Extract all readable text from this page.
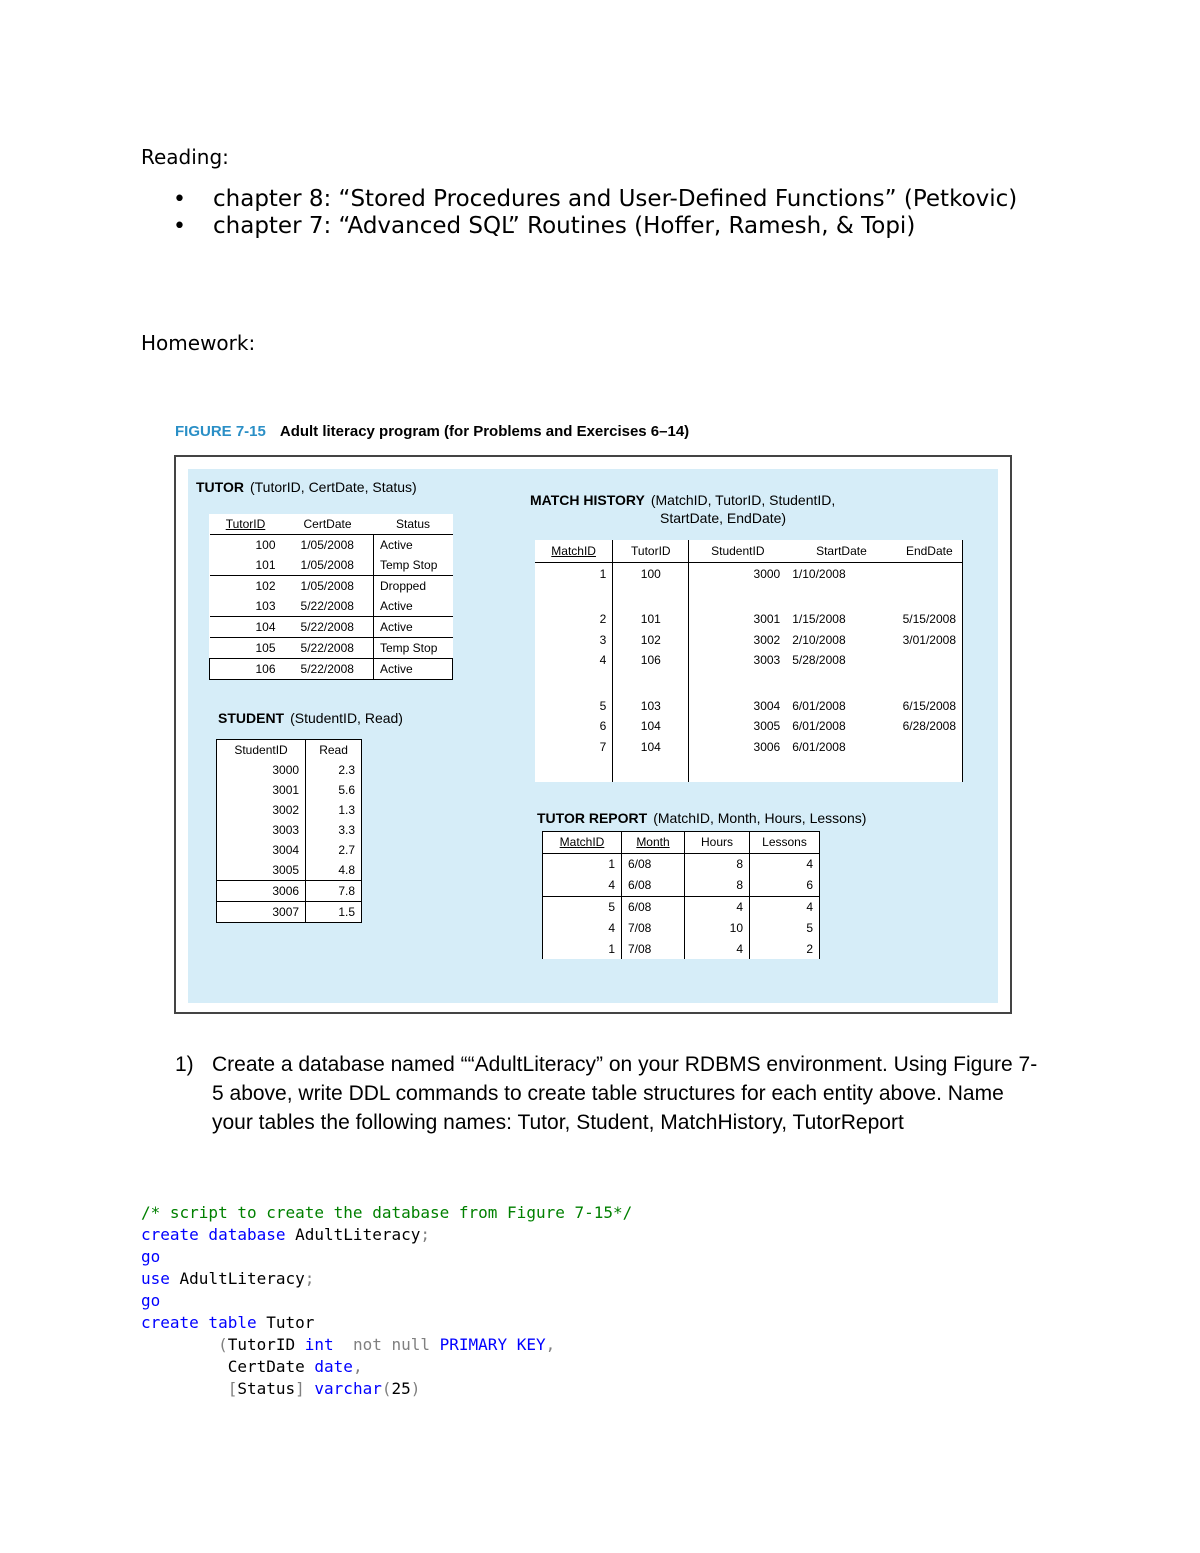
Reading:
• chapter 8: “Stored Procedures and User-Defined Functions” (Petkovic)
• chapter 7: “Advanced SQL” Routines (Hoffer, Ramesh, & Topi)
Homework:
FIGURE 7-15 Adult literacy program (for Problems and Exercises 6–14)
TUTOR (TutorID, CertDate, Status)
TutorID	CertDate	Status
100	1/05/2008	Active
101	1/05/2008	Temp Stop
102	1/05/2008	Dropped
103	5/22/2008	Active
104	5/22/2008	Active
105	5/22/2008	Temp Stop
106	5/22/2008	Active
STUDENT (StudentID, Read)
StudentID	Read
3000	2.3
3001	5.6
3002	1.3
3003	3.3
3004	2.7
3005	4.8
3006	7.8
3007	1.5
MATCH HISTORY (MatchID, TutorID, StudentID,
StartDate, EndDate)
MatchID	TutorID	StudentID	StartDate	EndDate
1	100	3000	1/10/2008	

2	101	3001	1/15/2008	5/15/2008
3	102	3002	2/10/2008	3/01/2008
4	106	3003	5/28/2008	

5	103	3004	6/01/2008	6/15/2008
6	104	3005	6/01/2008	6/28/2008
7	104	3006	6/01/2008	

TUTOR REPORT (MatchID, Month, Hours, Lessons)
MatchID	Month	Hours	Lessons
1	6/08	8	4
4	6/08	8	6
5	6/08	4	4
4	7/08	10	5
1	7/08	4	2
1) Create a database named ““AdultLiteracy” on your RDBMS environment. Using Figure 7-
5 above, write DDL commands to create table structures for each entity above. Name
your tables the following names: Tutor, Student, MatchHistory, TutorReport
/* script to create the database from Figure 7-15*/
create database AdultLiteracy;
go
use AdultLiteracy;
go
create table Tutor
(TutorID int  not null PRIMARY KEY,
CertDate date,
[Status] varchar(25)
